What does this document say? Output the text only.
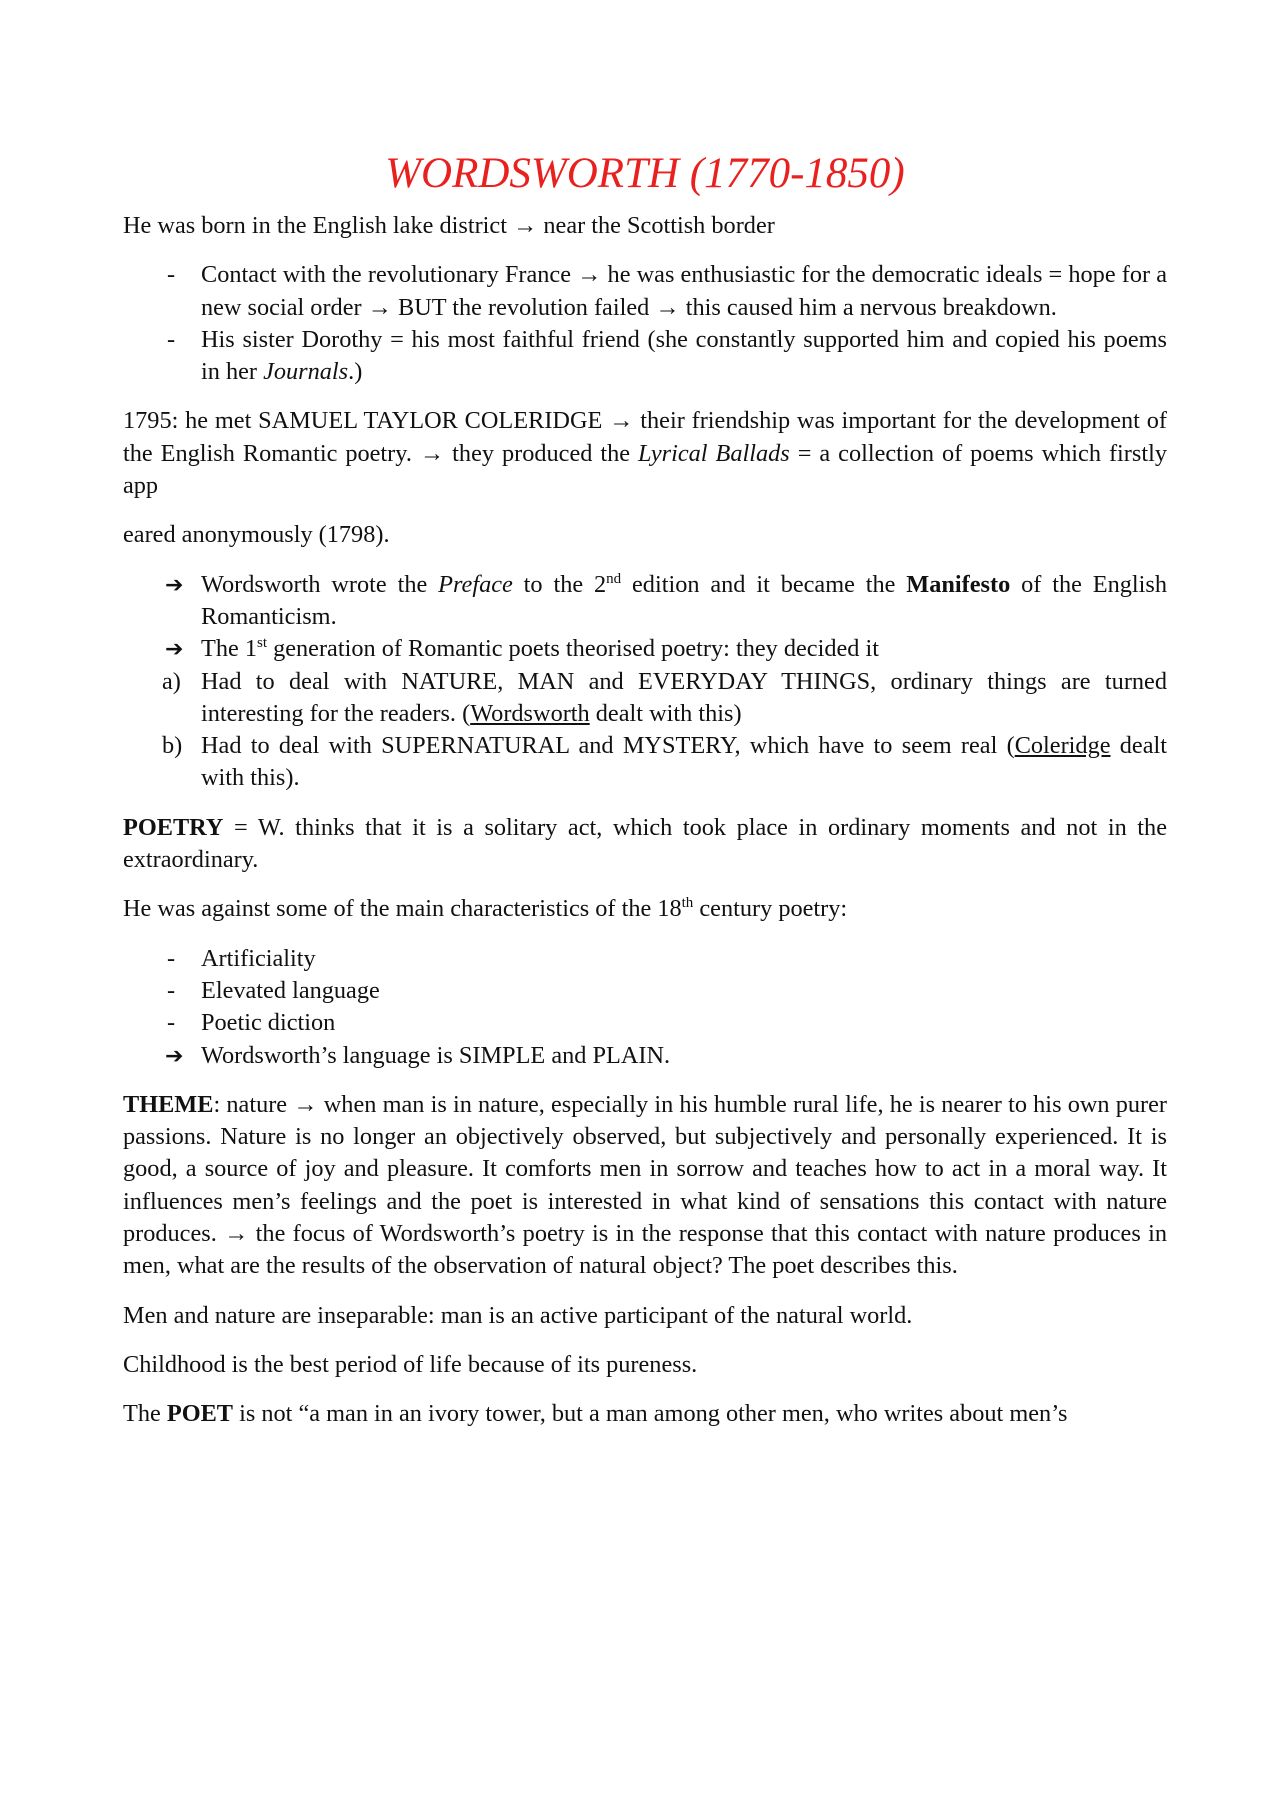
WORDSWORTH (1770-1850)

He was born in the English lake district → near the Scottish border

- Contact with the revolutionary France → he was enthusiastic for the democratic ideals = hope for a new social order → BUT the revolution failed → this caused him a nervous breakdown.
- His sister Dorothy = his most faithful friend (she constantly supported him and copied his poems in her Journals.)

1795: he met SAMUEL TAYLOR COLERIDGE → their friendship was important for the development of the English Romantic poetry. → they produced the Lyrical Ballads = a collection of poems which firstly app

eared anonymously (1798).

➔ Wordsworth wrote the Preface to the 2nd edition and it became the Manifesto of the English Romanticism.
➔ The 1st generation of Romantic poets theorised poetry: they decided it
a) Had to deal with NATURE, MAN and EVERYDAY THINGS, ordinary things are turned interesting for the readers. (Wordsworth dealt with this)
b) Had to deal with SUPERNATURAL and MYSTERY, which have to seem real (Coleridge dealt with this).

POETRY = W. thinks that it is a solitary act, which took place in ordinary moments and not in the extraordinary.

He was against some of the main characteristics of the 18th century poetry:

- Artificiality
- Elevated language
- Poetic diction
➔ Wordsworth’s language is SIMPLE and PLAIN.

THEME: nature → when man is in nature, especially in his humble rural life, he is nearer to his own purer passions. Nature is no longer an objectively observed, but subjectively and personally experienced. It is good, a source of joy and pleasure. It comforts men in sorrow and teaches how to act in a moral way. It influences men’s feelings and the poet is interested in what kind of sensations this contact with nature produces. → the focus of Wordsworth’s poetry is in the response that this contact with nature produces in men, what are the results of the observation of natural object? The poet describes this.

Men and nature are inseparable: man is an active participant of the natural world.

Childhood is the best period of life because of its pureness.

The POET is not “a man in an ivory tower, but a man among other men, who writes about men’s
